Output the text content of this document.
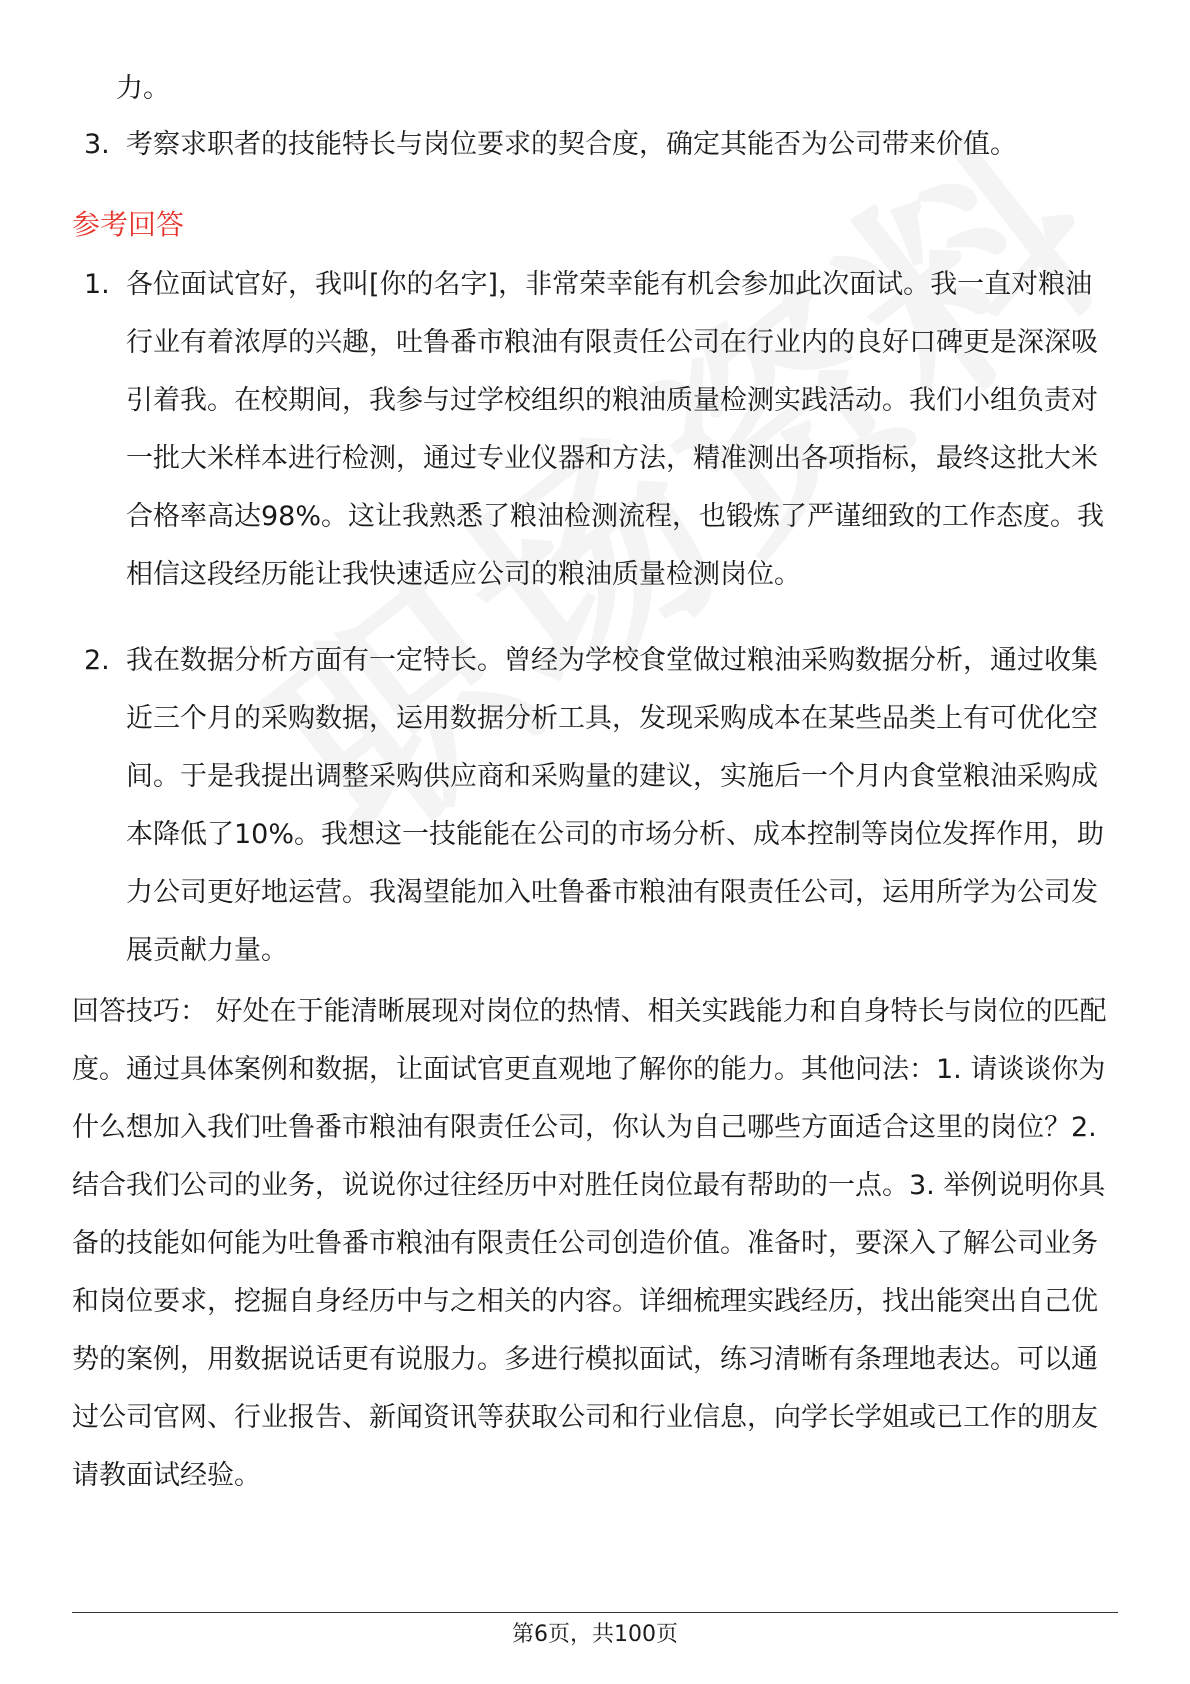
力。
3. 考察求职者的技能特长与岗位要求的契合度，确定其能否为公司带来价值。
参考回答
1. 各位面试官好，我叫[你的名字]，非常荣幸能有机会参加此次面试。我一直对粮油行业有着浓厚的兴趣，吐鲁番市粮油有限责任公司在行业内的良好口碑更是深深吸引着我。在校期间，我参与过学校组织的粮油质量检测实践活动。我们小组负责对一批大米样本进行检测，通过专业仪器和方法，精准测出各项指标，最终这批大米合格率高达98%。这让我熟悉了粮油检测流程，也锻炼了严谨细致的工作态度。我相信这段经历能让我快速适应公司的粮油质量检测岗位。
2. 我在数据分析方面有一定特长。曾经为学校食堂做过粮油采购数据分析，通过收集近三个月的采购数据，运用数据分析工具，发现采购成本在某些品类上有可优化空间。于是我提出调整采购供应商和采购量的建议，实施后一个月内食堂粮油采购成本降低了10%。我想这一技能能在公司的市场分析、成本控制等岗位发挥作用，助力公司更好地运营。我渴望能加入吐鲁番市粮油有限责任公司，运用所学为公司发展贡献力量。
回答技巧： 好处在于能清晰展现对岗位的热情、相关实践能力和自身特长与岗位的匹配度。通过具体案例和数据，让面试官更直观地了解你的能力。其他问法：1. 请谈谈你为什么想加入我们吐鲁番市粮油有限责任公司，你认为自己哪些方面适合这里的岗位？2. 结合我们公司的业务，说说你过往经历中对胜任岗位最有帮助的一点。3. 举例说明你具备的技能如何能为吐鲁番市粮油有限责任公司创造价值。准备时，要深入了解公司业务和岗位要求，挖掘自身经历中与之相关的内容。详细梳理实践经历，找出能突出自己优势的案例，用数据说话更有说服力。多进行模拟面试，练习清晰有条理地表达。可以通过公司官网、行业报告、新闻资讯等获取公司和行业信息，向学长学姐或已工作的朋友请教面试经验。
第6页，共100页
